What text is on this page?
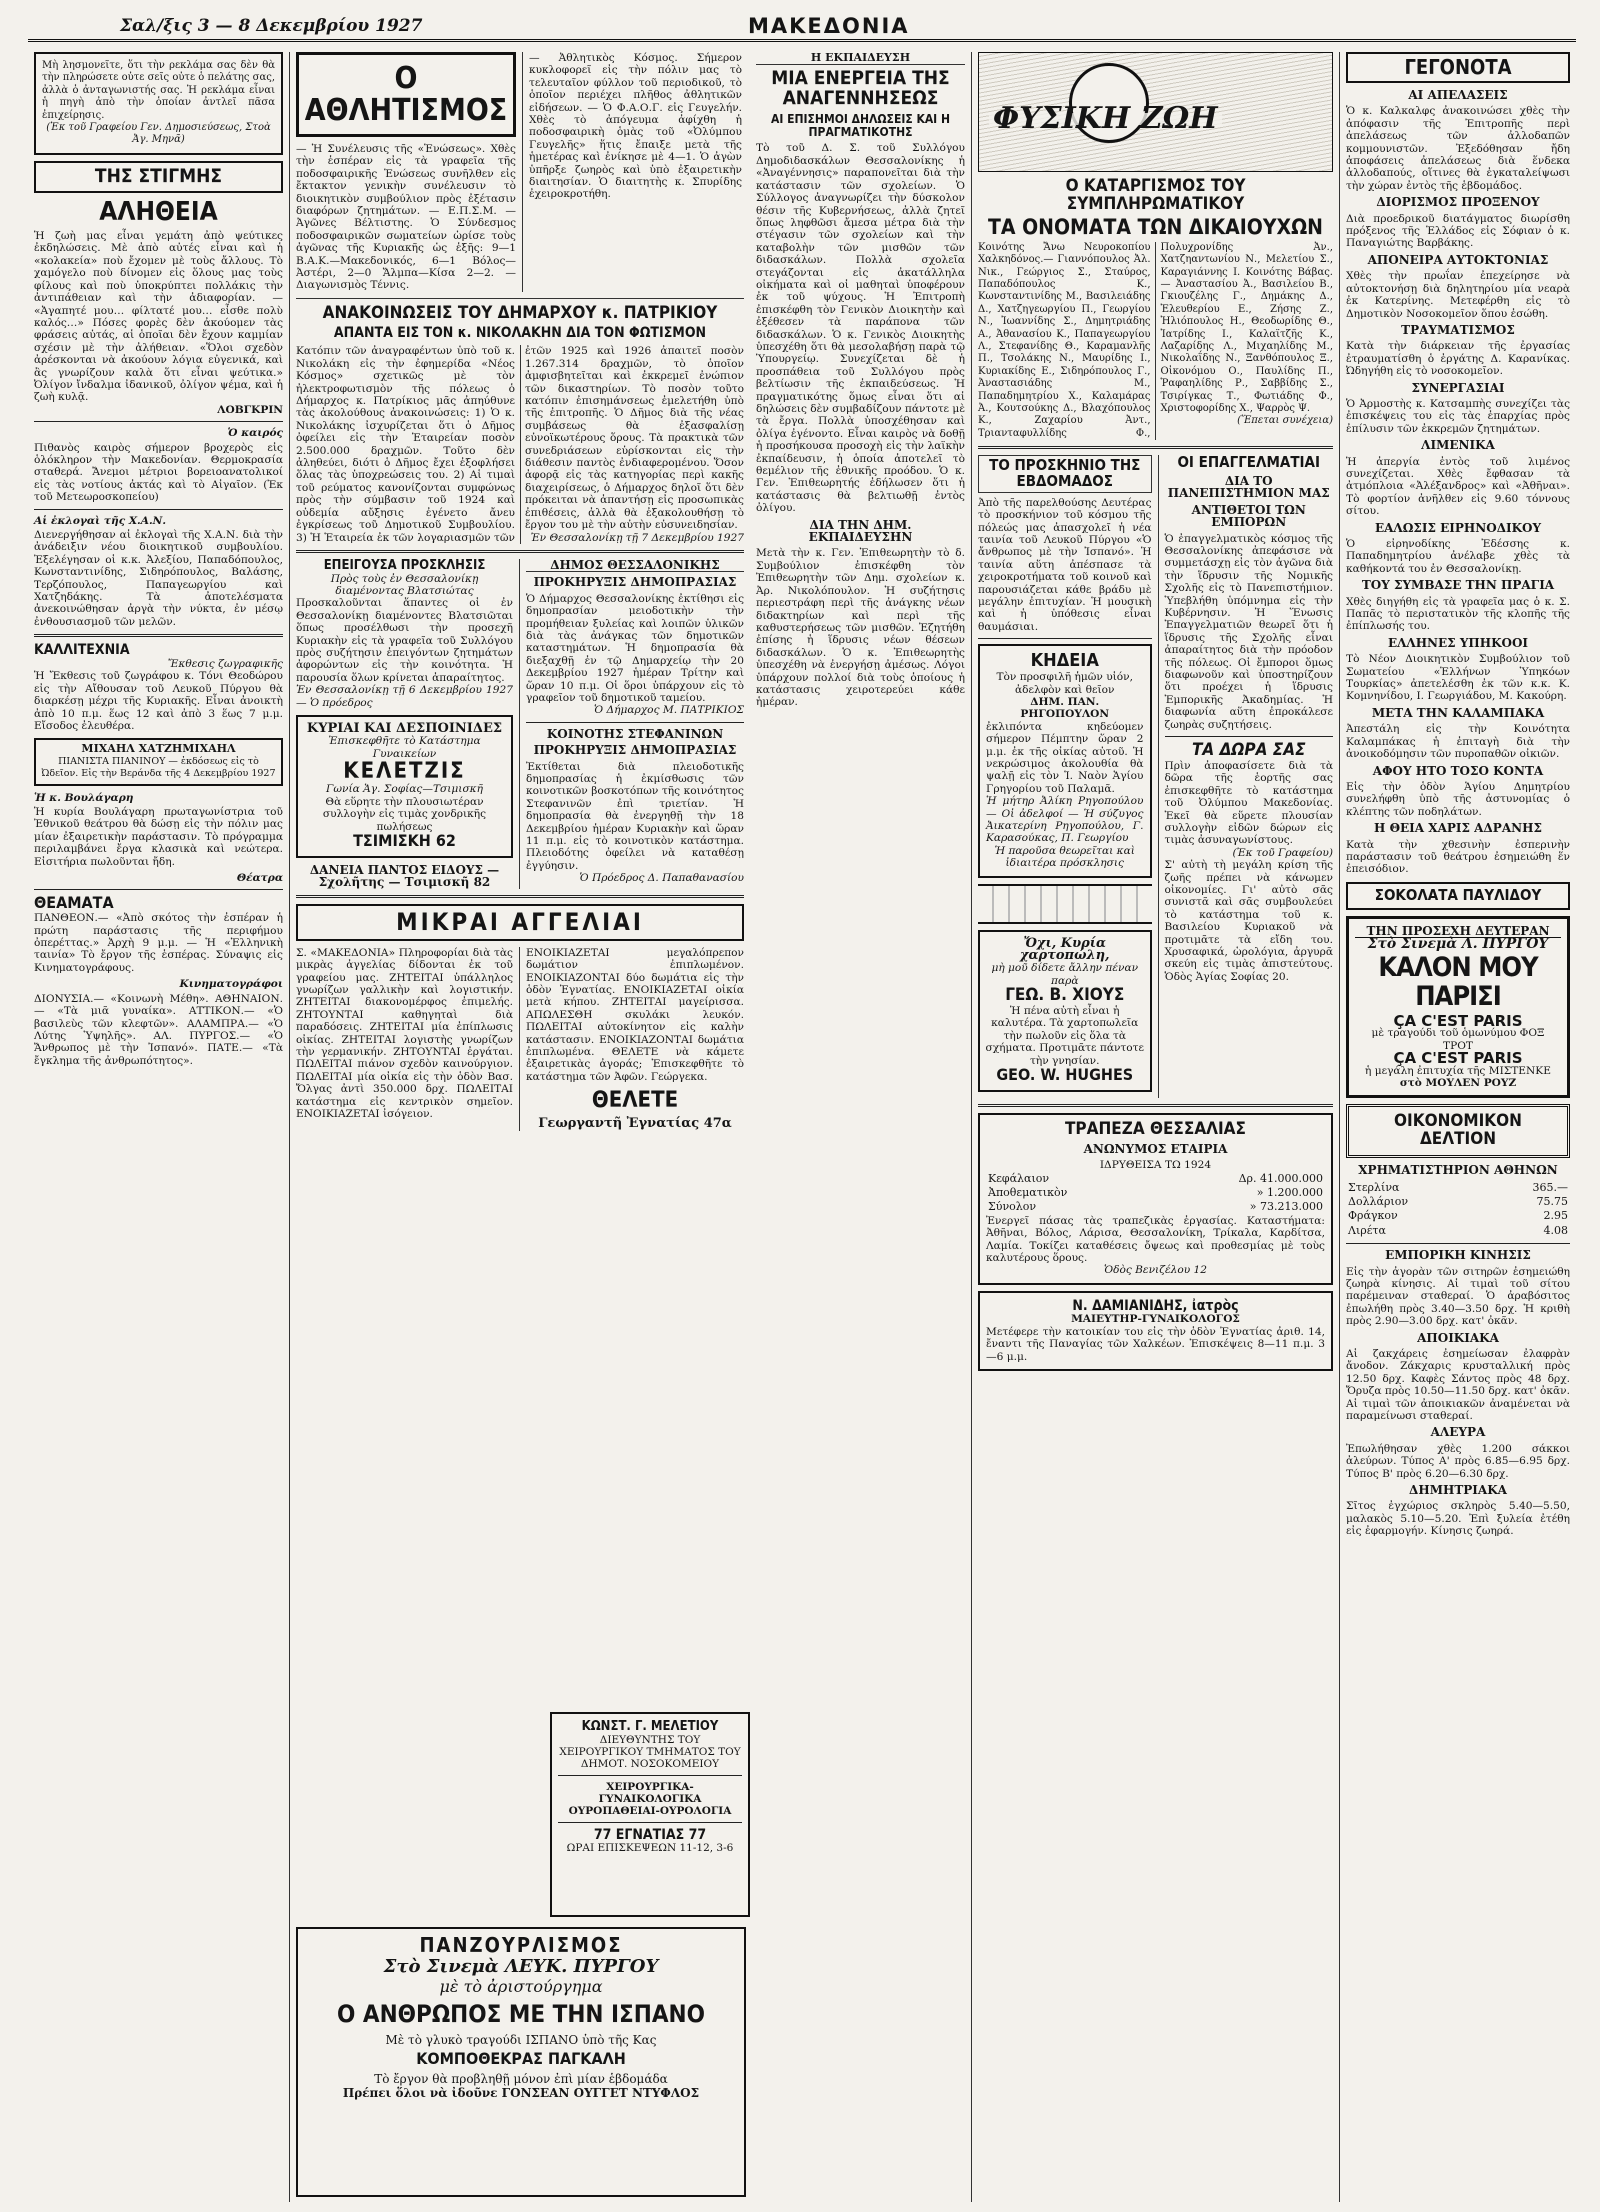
Σαλ/ξις 3 — 8 Δεκεμβρίου 1927	ΜΑΚΕΔΟΝΙΑ

Μὴ λησμονεῖτε, ὅτι τὴν ρεκλάμα σας δὲν θὰ τὴν πληρώσετε οὐτε σεῖς οὐτε ὁ πελάτης σας, ἀλλὰ ὁ ἀνταγωνιστής σας. Ἡ ρεκλάμα εἶναι ἡ πηγὴ ἀπὸ τὴν ὁποίαν ἀντλεῖ πᾶσα ἐπιχείρησις.

(Ἐκ τοῦ Γραφείου Γεν. Δημοσιεύσεως, Στοὰ Ἀγ. Μηνᾶ)

ΤΗΣ ΣΤΙΓΜΗΣ
ΑΛΗΘΕΙΑ

Ἡ ζωὴ μας εἶναι γεμάτη ἀπὸ ψεύτικες ἐκδηλώσεις. Μὲ ἀπὸ αὐτές εἶναι καὶ ἡ «κολακεία» ποὺ ἔχομεν μὲ τοὺς ἄλλους. Τὸ χαμόγελο ποὺ δίνομεν εἰς ὅλους μας τοὺς φίλους καὶ ποὺ ὑποκρύπτει πολλάκις τὴν ἀντιπάθειαν καὶ τὴν ἀδιαφορίαν. — «Ἀγαπητέ μου… φίλτατέ μου… εἶσθε πολὺ καλός…» Πόσες φορὲς δὲν ἀκούομεν τὰς φράσεις αὐτάς, αἱ ὁποῖαι δὲν ἔχουν καμμίαν σχέσιν μὲ τὴν ἀλήθειαν. «Ὅλοι σχεδὸν ἀρέσκονται νὰ ἀκούουν λόγια εὐγενικά, καὶ ἂς γνωρίζουν καλὰ ὅτι εἶναι ψεύτικα.» Ὀλίγον ἴνδαλμα ἰδανικοῦ, ὀλίγον ψέμα, καὶ ἡ ζωὴ κυλᾷ.

ΛΟΒΓΚΡΙΝ

Ὁ καιρός

Πιθανὸς καιρὸς σήμερον βροχερὸς εἰς ὁλόκληρον τὴν Μακεδονίαν. Θερμοκρασία σταθερά. Ἄνεμοι μέτριοι βορειοανατολικοί εἰς τὰς νοτίους ἀκτάς καὶ τὸ Αἰγαῖον. (Ἐκ τοῦ Μετεωροσκοπείου)

Αἱ ἐκλογαὶ τῆς Χ.Α.Ν.

Διενεργήθησαν αἱ ἐκλογαὶ τῆς Χ.Α.Ν. διὰ τὴν ἀνάδειξιν νέου διοικητικοῦ συμβουλίου. Ἐξελέγησαν οἱ κ.κ. Ἀλεξίου, Παπαδόπουλος, Κωνσταντινίδης, Σιδηρόπουλος, Βαλάσης, Τερζόπουλος, Παπαγεωργίου καὶ Χατζηδάκης. Τὰ ἀποτελέσματα ἀνεκοινώθησαν ἀργὰ τὴν νύκτα, ἐν μέσῳ ἐνθουσιασμοῦ τῶν μελῶν.

ΚΑΛΛΙΤΕΧΝΙΑ

Ἔκθεσις ζωγραφικῆς

Ἡ Ἔκθεσις τοῦ ζωγράφου κ. Τόνι Θεοδώρου εἰς τὴν Αἴθουσαν τοῦ Λευκοῦ Πύργου θὰ διαρκέσῃ μέχρι τῆς Κυριακῆς. Εἶναι ἀνοικτὴ ἀπὸ 10 π.μ. ἕως 12 καὶ ἀπὸ 3 ἕως 7 μ.μ. Εἴσοδος ἐλευθέρα.

ΜΙΧΑΗΛ ΧΑΤΖΗΜΙΧΑΗΛ

ΠΙΑΝΙΣΤΑ ΠΙΑΝΙΝΟΥ — ἐκδόσεως εἰς τὸ Ὠδεῖον. Εἰς τὴν Βεράνδα τῆς 4 Δεκεμβρίου 1927

Ἡ κ. Βουλάγαρη

Ἡ κυρία Βουλάγαρη πρωταγωνίστρια τοῦ Ἐθνικοῦ θεάτρου θὰ δώσῃ εἰς τὴν πόλιν μας μίαν ἐξαιρετικὴν παράστασιν. Τὸ πρόγραμμα περιλαμβάνει ἔργα κλασικὰ καὶ νεώτερα. Εἰσιτήρια πωλοῦνται ἤδη.

Θέατρα

ΘΕΑΜΑΤΑ

ΠΑΝΘΕΟΝ.— «Ἀπὸ σκότος τὴν ἐσπέραν ἡ πρώτη παράστασις τῆς περιφήμου ὀπερέττας.» Ἀρχὴ 9 μ.μ. — Ἡ «Ἑλληνικὴ ταινία» Τὸ ἔργον τῆς ἑσπέρας. Σύναψις εἰς Κινηματογράφους.

Κινηματογράφοι

ΔΙΟΝΥΣΙΑ.— «Κοινωνὴ Μέθη». ΑΘΗΝΑΙΟΝ.— «Τὰ μιᾶ γυναίκα». ΑΤΤΙΚΟΝ.— «Ὁ βασιλεὺς τῶν κλεφτῶν». ΑΛΑΜΠΡΑ.— «Ὁ Λύτης Ὑψηλῆς». ΑΛ. ΠΥΡΓΟΣ.— «Ὁ Ἄνθρωπος μὲ τὴν Ἰσπανό». ΠΑΤΕ.— «Τὰ ἔγκλημα τῆς ἀνθρωπότητος».

Ο ΑΘΛΗΤΙΣΜΟΣ

— Ἡ Συνέλευσις τῆς «Ἑνώσεως». Χθὲς τὴν ἑσπέραν εἰς τὰ γραφεῖα τῆς ποδοσφαιρικῆς Ἑνώσεως συνῆλθεν εἰς ἔκτακτον γενικὴν συνέλευσιν τὸ διοικητικὸν συμβούλιον πρὸς ἐξέτασιν διαφόρων ζητημάτων. — Ε.Π.Σ.Μ. — Ἀγῶνες Βέλτιστης. Ὁ Σύνδεσμος ποδοσφαιρικῶν σωματείων ὡρίσε τοὺς ἀγῶνας τῆς Κυριακῆς ὡς ἑξῆς: 9—1 Β.Α.Κ.—Μακεδονικός, 6—1 Βόλος—Ἀστέρι, 2—0 Ἄλμπα—Κίσα 2—2. — Διαγωνισμὸς Τέννις.

— Ἀθλητικὸς Κόσμος. Σήμερον κυκλοφορεῖ εἰς τὴν πόλιν μας τὸ τελευταῖον φύλλον τοῦ περιοδικοῦ, τὸ ὁποῖον περιέχει πλῆθος ἀθλητικῶν εἰδήσεων. — Ὁ Φ.Α.Ο.Γ. εἰς Γευγελήν. Χθὲς τὸ ἀπόγευμα ἀφίχθη ἡ ποδοσφαιρικὴ ὁμὰς τοῦ «Ὀλύμπου Γευγελῆς» ἥτις ἔπαιξε μετὰ τῆς ἡμετέρας καὶ ἐνίκησε μὲ 4—1. Ὁ ἀγὼν ὑπῆρξε ζωηρὸς καὶ ὑπὸ ἐξαιρετικὴν διαιτησίαν. Ὁ διαιτητὴς κ. Σπυρίδης ἐχειροκροτήθη.

ΑΝΑΚΟΙΝΩΣΕΙΣ ΤΟΥ ΔΗΜΑΡΧΟΥ κ. ΠΑΤΡΙΚΙΟΥ
ΑΠΑΝΤΑ ΕΙΣ ΤΟΝ κ. ΝΙΚΟΛΑΚΗΝ ΔΙΑ ΤΟΝ ΦΩΤΙΣΜΟΝ

Κατόπιν τῶν ἀναγραφέντων ὑπὸ τοῦ κ. Νικολάκη εἰς τὴν ἐφημερίδα «Νέος Κόσμος» σχετικῶς μὲ τὸν ἠλεκτροφωτισμὸν τῆς πόλεως ὁ Δήμαρχος κ. Πατρίκιος μᾶς ἀπηύθυνε τὰς ἀκολούθους ἀνακοινώσεις: 1) Ὁ κ. Νικολάκης ἰσχυρίζεται ὅτι ὁ Δῆμος ὀφείλει εἰς τὴν Ἑταιρείαν ποσὸν 2.500.000 δραχμῶν. Τοῦτο δὲν ἀληθεύει, διότι ὁ Δῆμος ἔχει ἐξοφλήσει ὅλας τὰς ὑποχρεώσεις του. 2) Αἱ τιμαὶ τοῦ ρεύματος κανονίζονται συμφώνως πρὸς τὴν σύμβασιν τοῦ 1924 καὶ οὐδεμία αὔξησις ἐγένετο ἄνευ ἐγκρίσεως τοῦ Δημοτικοῦ Συμβουλίου. 3) Ἡ Ἑταιρεία ἐκ τῶν λογαριασμῶν τῶν ἐτῶν 1925 καὶ 1926 ἀπαιτεῖ ποσὸν 1.267.314 δραχμῶν, τὸ ὁποῖον ἀμφισβητεῖται καὶ ἐκκρεμεῖ ἐνώπιον τῶν δικαστηρίων. Τὸ ποσὸν τοῦτο κατόπιν ἐπισημάνσεως ἐμελετήθη ὑπὸ τῆς ἐπιτροπῆς. Ὁ Δῆμος διὰ τῆς νέας συμβάσεως θὰ ἐξασφαλίσῃ εὐνοϊκωτέρους ὅρους. Τὰ πρακτικὰ τῶν συνεδριάσεων εὑρίσκονται εἰς τὴν διάθεσιν παντὸς ἐνδιαφερομένου. Ὅσον ἀφορᾷ εἰς τὰς κατηγορίας περὶ κακῆς διαχειρίσεως, ὁ Δήμαρχος δηλοῖ ὅτι δὲν πρόκειται νὰ ἀπαντήσῃ εἰς προσωπικὰς ἐπιθέσεις, ἀλλὰ θὰ ἐξακολουθήσῃ τὸ ἔργον του μὲ τὴν αὐτὴν εὐσυνειδησίαν.

Ἐν Θεσσαλονίκῃ τῇ 7 Δεκεμβρίου 1927

ΕΠΕΙΓΟΥΣΑ ΠΡΟΣΚΛΗΣΙΣ

Πρὸς τοὺς ἐν Θεσσαλονίκῃ διαμένοντας Βλατσιώτας

Προσκαλοῦνται ἅπαντες οἱ ἐν Θεσσαλονίκῃ διαμένοντες Βλατσιῶται ὅπως προσέλθωσι τὴν προσεχῆ Κυριακὴν εἰς τὰ γραφεῖα τοῦ Συλλόγου πρὸς συζήτησιν ἐπειγόντων ζητημάτων ἀφορώντων εἰς τὴν κοινότητα. Ἡ παρουσία ὅλων κρίνεται ἀπαραίτητος.

Ἐν Θεσσαλονίκῃ τῇ 6 Δεκεμβρίου 1927 — Ὁ πρόεδρος

ΚΥΡΙΑΙ ΚΑΙ ΔΕΣΠΟΙΝΙΔΕΣ

Ἐπισκεφθῆτε τὸ Κατάστημα Γυναικείων

ΚΕΛΕΤΖΙΣ

Γωνία Ἁγ. Σοφίας—Τσιμισκῆ

Θὰ εὕρητε τὴν πλουσιωτέραν συλλογὴν εἰς τιμὰς χονδρικῆς πωλήσεως

ΤΣΙΜΙΣΚΗ 62

ΔΑΝΕΙΑ ΠΑΝΤΟΣ ΕΙΔΟΥΣ — Σχολῆτης — Τσιμισκῆ 82

ΔΗΜΟΣ ΘΕΣΣΑΛΟΝΙΚΗΣ

ΠΡΟΚΗΡΥΞΙΣ ΔΗΜΟΠΡΑΣΙΑΣ

Ὁ Δήμαρχος Θεσσαλονίκης ἐκτίθησι εἰς δημοπρασίαν μειοδοτικὴν τὴν προμήθειαν ξυλείας καὶ λοιπῶν ὑλικῶν διὰ τὰς ἀνάγκας τῶν δημοτικῶν καταστημάτων. Ἡ δημοπρασία θὰ διεξαχθῇ ἐν τῷ Δημαρχείῳ τὴν 20 Δεκεμβρίου 1927 ἡμέραν Τρίτην καὶ ὥραν 10 π.μ. Οἱ ὅροι ὑπάρχουν εἰς τὸ γραφεῖον τοῦ δημοτικοῦ ταμείου.

Ὁ Δήμαρχος Μ. ΠΑΤΡΙΚΙΟΣ

ΚΟΙΝΟΤΗΣ ΣΤΕΦΑΝΙΝΩΝ

ΠΡΟΚΗΡΥΞΙΣ ΔΗΜΟΠΡΑΣΙΑΣ

Ἐκτίθεται διὰ πλειοδοτικῆς δημοπρασίας ἡ ἐκμίσθωσις τῶν κοινοτικῶν βοσκοτόπων τῆς κοινότητος Στεφανινῶν ἐπὶ τριετίαν. Ἡ δημοπρασία θὰ ἐνεργηθῇ τὴν 18 Δεκεμβρίου ἡμέραν Κυριακὴν καὶ ὥραν 11 π.μ. εἰς τὸ κοινοτικὸν κατάστημα. Πλειοδότης ὀφείλει νὰ καταθέσῃ ἐγγύησιν.

Ὁ Πρόεδρος Δ. Παπαθανασίου

ΜΙΚΡΑΙ ΑΓΓΕΛΙΑΙ

Σ. «ΜΑΚΕΔΟΝΙΑ» Πληροφορίαι διὰ τὰς μικρὰς ἀγγελίας δίδονται ἐκ τοῦ γραφείου μας. ΖΗΤΕΙΤΑΙ ὑπάλληλος γνωρίζων γαλλικὴν καὶ λογιστικήν. ΖΗΤΕΙΤΑΙ διακονομέρφος ἐπιμελής. ΖΗΤΟΥΝΤΑΙ καθηγηταὶ διὰ παραδόσεις. ΖΗΤΕΙΤΑΙ μία ἐπίπλωσις οἰκίας. ΖΗΤΕΙΤΑΙ λογιστὴς γνωρίζων τὴν γερμανικήν. ΖΗΤΟΥΝΤΑΙ ἐργάται. ΠΩΛΕΙΤΑΙ πιάνον σχεδὸν καινούργιον. ΠΩΛΕΙΤΑΙ μία οἰκία εἰς τὴν ὁδὸν Βασ. Ὄλγας ἀντὶ 350.000 δρχ. ΠΩΛΕΙΤΑΙ κατάστημα εἰς κεντρικὸν σημεῖον. ΕΝΟΙΚΙΑΖΕΤΑΙ ἰσόγειον.

ΕΝΟΙΚΙΑΖΕΤΑΙ μεγαλόπρεπον δωμάτιον ἐπιπλωμένον. ΕΝΟΙΚΙΑΖΟΝΤΑΙ δύο δωμάτια εἰς τὴν ὁδὸν Ἐγνατίας. ΕΝΟΙΚΙΑΖΕΤΑΙ οἰκία μετὰ κήπου. ΖΗΤΕΙΤΑΙ μαγείρισσα. ΑΠΩΛΕΣΘΗ σκυλάκι λευκόν. ΠΩΛΕΙΤΑΙ αὐτοκίνητον εἰς καλὴν κατάστασιν. ΕΝΟΙΚΙΑΖΟΝΤΑΙ δωμάτια ἐπιπλωμένα. ΘΕΛΕΤΕ νὰ κάμετε ἐξαιρετικὰς ἀγοράς; Ἐπισκεφθῆτε τὸ κατάστημα τῶν Ἀφῶν. Γεώργεκα.

ΘΕΛΕΤΕ

Γεωργαντῆ Ἐγνατίας 47α

Η ΕΚΠΑΙΔΕΥΣΗ

ΜΙΑ ΕΝΕΡΓΕΙΑ ΤΗΣ ΑΝΑΓΕΝΝΗΣΕΩΣ
ΑΙ ΕΠΙΣΗΜΟΙ ΔΗΛΩΣΕΙΣ ΚΑΙ Η ΠΡΑΓΜΑΤΙΚΟΤΗΣ

Τὸ τοῦ Δ. Σ. τοῦ Συλλόγου Δημοδιδασκάλων Θεσσαλονίκης ἡ «Ἀναγέννησις» παραπονεῖται διὰ τὴν κατάστασιν τῶν σχολείων. Ὁ Σύλλογος ἀναγνωρίζει τὴν δύσκολον θέσιν τῆς Κυβερνήσεως, ἀλλὰ ζητεῖ ὅπως ληφθῶσι ἄμεσα μέτρα διὰ τὴν στέγασιν τῶν σχολείων καὶ τὴν καταβολὴν τῶν μισθῶν τῶν διδασκάλων. Πολλὰ σχολεῖα στεγάζονται εἰς ἀκατάλληλα οἰκήματα καὶ οἱ μαθηταὶ ὑποφέρουν ἐκ τοῦ ψύχους. Ἡ Ἐπιτροπὴ ἐπισκέφθη τὸν Γενικὸν Διοικητὴν καὶ ἐξέθεσεν τὰ παράπονα τῶν διδασκάλων. Ὁ κ. Γενικὸς Διοικητὴς ὑπεσχέθη ὅτι θὰ μεσολαβήσῃ παρὰ τῷ Ὑπουργείῳ. Συνεχίζεται δὲ ἡ προσπάθεια τοῦ Συλλόγου πρὸς βελτίωσιν τῆς ἐκπαιδεύσεως. Ἡ πραγματικότης ὅμως εἶναι ὅτι αἱ δηλώσεις δὲν συμβαδίζουν πάντοτε μὲ τὰ ἔργα. Πολλὰ ὑποσχέθησαν καὶ ὀλίγα ἐγένοντο. Εἶναι καιρὸς νὰ δοθῇ ἡ προσήκουσα προσοχὴ εἰς τὴν λαϊκὴν ἐκπαίδευσιν, ἡ ὁποία ἀποτελεῖ τὸ θεμέλιον τῆς ἐθνικῆς προόδου. Ὁ κ. Γεν. Ἐπιθεωρητής ἐδήλωσεν ὅτι ἡ κατάστασις θὰ βελτιωθῇ ἐντὸς ὀλίγου.

ΔΙΑ ΤΗΝ ΔΗΜ. ΕΚΠΑΙΔΕΥΣΗΝ

Μετὰ τὴν κ. Γεν. Ἐπιθεωρητὴν τὸ δ. Συμβούλιον ἐπισκέφθη τὸν Ἐπιθεωρητὴν τῶν Δημ. σχολείων κ. Ἀρ. Νικολόπουλον. Ἡ συζήτησις περιεστράφη περὶ τῆς ἀνάγκης νέων διδακτηρίων καὶ περὶ τῆς καθυστερήσεως τῶν μισθῶν. Ἐζητήθη ἐπίσης ἡ ἵδρυσις νέων θέσεων διδασκάλων. Ὁ κ. Ἐπιθεωρητὴς ὑπεσχέθη νὰ ἐνεργήσῃ ἀμέσως. Λόγοι ὑπάρχουν πολλοί διὰ τοὺς ὁποίους ἡ κατάστασις χειροτερεύει κάθε ἡμέραν.

ΦΥΣΙΚΗ ΖΩΗ
Ο ΚΑΤΑΡΓΙΣΜΟΣ ΤΟΥ ΣΥΜΠΛΗΡΩΜΑΤΙΚΟΥ
ΤΑ ΟΝΟΜΑΤΑ ΤΩΝ ΔΙΚΑΙΟΥΧΩΝ

Κοινότης Ἄνω Νευροκοπίου Χαλκηδόνος.— Γιαννόπουλος Ἀλ. Νικ., Γεώργιος Σ., Σταύρος, Παπαδόπουλος Κ., Κωνσταντινίδης Μ., Βασιλειάδης Δ., Χατζηγεωργίου Π., Γεωργίου Ν., Ἰωαννίδης Σ., Δημητριάδης Α., Ἀθανασίου Κ., Παπαγεωργίου Λ., Στεφανίδης Θ., Καραμανλῆς Π., Τσολάκης Ν., Μαυρίδης Ι., Κυριακίδης Ε., Σιδηρόπουλος Γ., Ἀναστασιάδης Μ., Παπαδημητρίου Χ., Καλαμάρας Ἀ., Κουτσούκης Δ., Βλαχόπουλος Κ., Ζαχαρίου Ἀντ., Τριανταφυλλίδης Φ., Πολυχρονίδης Ἀν., Χατζηαντωνίου Ν., Μελετίου Σ., Καραγιάννης Ι. Κοινότης Βάβας.— Ἀναστασίου Ἀ., Βασιλείου Β., Γκιουζέλης Γ., Δημάκης Δ., Ἐλευθερίου Ε., Ζήσης Ζ., Ἠλιόπουλος Η., Θεοδωρίδης Θ., Ἰατρίδης Ι., Καλαϊτζῆς Κ., Λαζαρίδης Λ., Μιχαηλίδης Μ., Νικολαΐδης Ν., Ξανθόπουλος Ξ., Οἰκονόμου Ο., Παυλίδης Π., Ῥαφαηλίδης Ρ., Σαββίδης Σ., Τσιρίγκας Τ., Φωτιάδης Φ., Χριστοφορίδης Χ., Ψαρρὸς Ψ.

(Ἕπεται συνέχεια)

ΤΟ ΠΡΟΣΚΗΝΙΟ ΤΗΣ ΕΒΔΟΜΑΔΟΣ

Ἀπὸ τῆς παρελθούσης Δευτέρας τὸ προσκήνιον τοῦ κόσμου τῆς πόλεώς μας ἀπασχολεῖ ἡ νέα ταινία τοῦ Λευκοῦ Πύργου «Ὁ ἄνθρωπος μὲ τὴν Ἰσπανό». Ἡ ταινία αὕτη ἀπέσπασε τὰ χειροκροτήματα τοῦ κοινοῦ καὶ παρουσιάζεται κάθε βράδυ μὲ μεγάλην ἐπιτυχίαν. Ἡ μουσικὴ καὶ ἡ ὑπόθεσις εἶναι θαυμάσιαι.

ΚΗΔΕΙΑ

Τὸν προσφιλῆ ἡμῶν υἱόν, ἀδελφὸν καὶ θεῖον

ΔΗΜ. ΠΑΝ. ΡΗΓΟΠΟΥΛΟΝ

ἐκλιπόντα κηδεύομεν σήμερον Πέμπτην ὥραν 2 μ.μ. ἐκ τῆς οἰκίας αὐτοῦ. Ἡ νεκρώσιμος ἀκολουθία θὰ ψαλῇ εἰς τὸν Ἱ. Ναὸν Ἁγίου Γρηγορίου τοῦ Παλαμᾶ.

Ἡ μήτηρ Ἀλίκη Ρηγοπούλου — Οἱ ἀδελφοί — Ἡ σύζυγος Ἀικατερίνη Ρηγοπούλου, Γ. Καρασούκας, Π. Γεωργίου

Ἡ παροῦσα θεωρεῖται καὶ ἰδιαιτέρα πρόσκλησις

Ὄχι, Κυρία χαρτοπώλη,

μὴ μοῦ δίδετε ἄλλην πέναν παρὰ

ΓΕΩ. Β. ΧΙΟΥΣ

Ἡ πένα αὐτὴ εἶναι ἡ καλυτέρα. Τὰ χαρτοπωλεῖα τὴν πωλοῦν εἰς ὅλα τὰ σχήματα. Προτιμᾶτε πάντοτε τὴν γνησίαν.

GEO. W. HUGHES

ΟΙ ΕΠΑΓΓΕΛΜΑΤΙΑΙ

ΔΙΑ ΤΟ ΠΑΝΕΠΙΣΤΗΜΙΟΝ ΜΑΣ

ΑΝΤΙΘΕΤΟΙ ΤΩΝ ΕΜΠΟΡΩΝ

Ὁ ἐπαγγελματικὸς κόσμος τῆς Θεσσαλονίκης ἀπεφάσισε νὰ συμμετάσχῃ εἰς τὸν ἀγῶνα διὰ τὴν ἵδρυσιν τῆς Νομικῆς Σχολῆς εἰς τὸ Πανεπιστήμιον. Ὑπεβλήθη ὑπόμνημα εἰς τὴν Κυβέρνησιν. Ἡ Ἕνωσις Ἐπαγγελματιῶν θεωρεῖ ὅτι ἡ ἵδρυσις τῆς Σχολῆς εἶναι ἀπαραίτητος διὰ τὴν πρόοδον τῆς πόλεως. Οἱ ἔμποροι ὅμως διαφωνοῦν καὶ ὑποστηρίζουν ὅτι προέχει ἡ ἵδρυσις Ἐμπορικῆς Ἀκαδημίας. Ἡ διαφωνία αὕτη ἐπροκάλεσε ζωηρὰς συζητήσεις.

ΤΑ ΔΩΡΑ ΣΑΣ

Πρὶν ἀποφασίσετε διὰ τὰ δῶρα τῆς ἑορτῆς σας ἐπισκεφθῆτε τὸ κατάστημα τοῦ Ὀλύμπου Μακεδονίας. Ἐκεῖ θὰ εὕρετε πλουσίαν συλλογὴν εἰδῶν δώρων εἰς τιμὰς ἀσυναγωνίστους.

(Ἐκ τοῦ Γραφείου)

Σ' αὐτὴ τὴ μεγάλη κρίση τῆς ζωῆς πρέπει νὰ κάνωμεν οἰκονομίες. Γι' αὐτὸ σᾶς συνιστᾶ καὶ σᾶς συμβουλεύει τὸ κατάστημα τοῦ κ. Βασιλείου Κυριακοῦ νὰ προτιμᾶτε τὰ εἴδη του. Χρυσαφικά, ὡρολόγια, ἀργυρᾶ σκεύη εἰς τιμὰς ἀπιστεύτους. Ὁδὸς Ἁγίας Σοφίας 20.

ΤΡΑΠΕΖΑ ΘΕΣΣΑΛΙΑΣ

ΑΝΩΝΥΜΟΣ ΕΤΑΙΡΙΑ

ΙΔΡΥΘΕΙΣΑ ΤΩ 1924

Κεφάλαιον	Δρ. 41.000.000
Ἀποθεματικὸν	» 1.200.000
Σύνολον	» 73.213.000

Ἐνεργεῖ πάσας τὰς τραπεζικὰς ἐργασίας. Καταστήματα: Ἀθῆναι, Βόλος, Λάρισα, Θεσσαλονίκη, Τρίκαλα, Καρδίτσα, Λαμία. Τοκίζει καταθέσεις ὄψεως καὶ προθεσμίας μὲ τοὺς καλυτέρους ὅρους.

Ὁδὸς Βενιζέλου 12

Ν. ΔΑΜΙΑΝΙΔΗΣ, ἰατρὸς

ΜΑΙΕΥΤΗΡ-ΓΥΝΑΙΚΟΛΟΓΟΣ

Μετέφερε τὴν κατοικίαν του εἰς τὴν ὁδὸν Ἐγνατίας ἀριθ. 14, ἔναντι τῆς Παναγίας τῶν Χαλκέων. Ἐπισκέψεις 8—11 π.μ. 3—6 μ.μ.

ΓΕΓΟΝΟΤΑ

ΑΙ ΑΠΕΛΑΣΕΙΣ

Ὁ κ. Καλκαλφς ἀνακοινώσει χθὲς τὴν ἀπόφασιν τῆς Ἐπιτροπῆς περὶ ἀπελάσεως τῶν ἀλλοδαπῶν κομμουνιστῶν. Ἐξεδόθησαν ἤδη ἀποφάσεις ἀπελάσεως διὰ ἕνδεκα ἀλλοδαπούς, οἵτινες θὰ ἐγκαταλείψωσι τὴν χώραν ἐντὸς τῆς ἑβδομάδος.

ΔΙΟΡΙΣΜΟΣ ΠΡΟΞΕΝΟΥ

Διὰ προεδρικοῦ διατάγματος διωρίσθη πρόξενος τῆς Ἑλλάδος εἰς Σόφιαν ὁ κ. Παναγιώτης Βαρβάκης.

ΑΠΟΝΕΙΡΑ ΑΥΤΟΚΤΟΝΙΑΣ

Χθὲς τὴν πρωΐαν ἐπεχείρησε νὰ αὐτοκτονήσῃ διὰ δηλητηρίου μία νεαρὰ ἐκ Κατερίνης. Μετεφέρθη εἰς τὸ Δημοτικὸν Νοσοκομεῖον ὅπου ἐσώθη.

ΤΡΑΥΜΑΤΙΣΜΟΣ

Κατὰ τὴν διάρκειαν τῆς ἐργασίας ἐτραυματίσθη ὁ ἐργάτης Δ. Καρανίκας. Ὠδηγήθη εἰς τὸ νοσοκομεῖον.

ΣΥΝΕΡΓΑΣΙΑΙ

Ὁ Ἀρμοστὴς κ. Κατσαμπὴς συνεχίζει τὰς ἐπισκέψεις του εἰς τὰς ἐπαρχίας πρὸς ἐπίλυσιν τῶν ἐκκρεμῶν ζητημάτων.

ΛΙΜΕΝΙΚΑ

Ἡ ἀπεργία ἐντὸς τοῦ λιμένος συνεχίζεται. Χθὲς ἔφθασαν τὰ ἀτμόπλοια «Ἀλέξανδρος» καὶ «Ἀθῆναι». Τὸ φορτίον ἀνῆλθεν εἰς 9.60 τόννους σίτου.

ΕΑΛΩΣΙΣ ΕΙΡΗΝΟΔΙΚΟΥ

Ὁ εἰρηνοδίκης Ἐδέσσης κ. Παπαδημητρίου ἀνέλαβε χθὲς τὰ καθήκοντά του ἐν Θεσσαλονίκῃ.

ΤΟΥ ΣΥΜΒΑΣΕ ΤΗΝ ΠΡΑΓΙΑ

Χθὲς διηγήθη εἰς τὰ γραφεῖα μας ὁ κ. Σ. Παπᾶς τὸ περιστατικὸν τῆς κλοπῆς τῆς ἐπίπλωσής του.

ΕΛΛΗΝΕΣ ΥΠΗΚΟΟΙ

Τὸ Νέον Διοικητικὸν Συμβούλιον τοῦ Σωματείου «Ἑλλήνων Ὑπηκόων Τουρκίας» ἀπετελέσθη ἐκ τῶν κ.κ. Κ. Κομνηνίδου, Ι. Γεωργιάδου, Μ. Κακούρη.

ΜΕΤΑ ΤΗΝ ΚΑΛΑΜΠΑΚΑ

Ἀπεστάλη εἰς τὴν Κοινότητα Καλαμπάκας ἡ ἐπιταγὴ διὰ τὴν ἀνοικοδόμησιν τῶν πυροπαθῶν οἰκιῶν.

ΑΦΟΥ ΗΤΟ ΤΟΣΟ ΚΟΝΤΑ

Εἰς τὴν ὁδὸν Ἁγίου Δημητρίου συνελήφθη ὑπὸ τῆς ἀστυνομίας ὁ κλέπτης τῶν ποδηλάτων.

Η ΘΕΙΑ ΧΑΡΙΣ ΑΔΡΑΝΗΣ

Κατὰ τὴν χθεσινὴν ἐσπερινὴν παράστασιν τοῦ θεάτρου ἐσημειώθη ἕν ἐπεισόδιον.

ΣΟΚΟΛΑΤΑ ΠΑΥΛΙΔΟΥ

ΤΗΝ ΠΡΟΣΕΧΗ ΔΕΥΤΕΡΑΝ

Στὸ Σινεμὰ Λ. ΠΥΡΓΟΥ

ΚΑΛΟΝ ΜΟΥ ΠΑΡΙΣΙ

ÇA C'EST PARIS

μὲ τραγούδι τοῦ ὁμωνύμου ΦΟΞ ΤΡΟΤ

ÇA C'EST PARIS

ἡ μεγάλη ἐπιτυχία τῆς ΜΙΣΤΕΝΚΕ

στὸ ΜΟΥΛΕΝ ΡΟΥΖ

ΟΙΚΟΝΟΜΙΚΟΝ ΔΕΛΤΙΟΝ

ΧΡΗΜΑΤΙΣΤΗΡΙΟΝ ΑΘΗΝΩΝ

Στερλίνα	365.—
Δολλάριον	75.75
Φράγκον	2.95
Λιρέτα	4.08

ΕΜΠΟΡΙΚΗ ΚΙΝΗΣΙΣ

Εἰς τὴν ἀγορὰν τῶν σιτηρῶν ἐσημειώθη ζωηρὰ κίνησις. Αἱ τιμαὶ τοῦ σίτου παρέμειναν σταθεραί. Ὁ ἀραβόσιτος ἐπωλήθη πρὸς 3.40—3.50 δρχ. Ἡ κριθὴ πρὸς 2.90—3.00 δρχ. κατ' ὀκᾶν.

ΑΠΟΙΚΙΑΚΑ

Αἱ ζακχάρεις ἐσημείωσαν ἐλαφρὰν ἄνοδον. Ζάκχαρις κρυσταλλική πρὸς 12.50 δρχ. Καφὲς Σάντος πρὸς 48 δρχ. Ὄρυζα πρὸς 10.50—11.50 δρχ. κατ' ὀκᾶν. Αἱ τιμαὶ τῶν ἀποικιακῶν ἀναμένεται νὰ παραμείνωσι σταθεραί.

ΑΛΕΥΡΑ

Ἐπωλήθησαν χθὲς 1.200 σάκκοι ἀλεύρων. Τύπος Α' πρὸς 6.85—6.95 δρχ. Τύπος Β' πρὸς 6.20—6.30 δρχ.

ΔΗΜΗΤΡΙΑΚΑ

Σῖτος ἐγχώριος σκληρὸς 5.40—5.50, μαλακὸς 5.10—5.20. Ἐπὶ ξυλεία ἐτέθη εἰς ἐφαρμογήν. Κίνησις ζωηρά.

ΠΑΝΖΟΥΡΛΙΣΜΟΣ

Στὸ Σινεμὰ ΛΕΥΚ. ΠΥΡΓΟΥ

μὲ τὸ ἀριστούργημα

Ο ΑΝΘΡΩΠΟΣ ΜΕ ΤΗΝ ΙΣΠΑΝΟ

Μὲ τὸ γλυκὸ τραγούδι ΙΣΠΑΝΟ ὑπὸ τῆς Κας

ΚΟΜΠΟΘΕΚΡΑΣ ΠΑΓΚΑΛΗ

Τὸ ἔργον θὰ προβληθῇ μόνον ἐπὶ μίαν ἑβδομάδα

Πρέπει ὅλοι νὰ ἰδοῦνε ΓΟΝΣΕΑΝ ΟΥΓΓΕΤ ΝΤΥΦΛΟΣ

ΚΩΝΣΤ. Γ. ΜΕΛΕΤΙΟΥ

ΔΙΕΥΘΥΝΤΗΣ ΤΟΥ ΧΕΙΡΟΥΡΓΙΚΟΥ ΤΜΗΜΑΤΟΣ ΤΟΥ ΔΗΜΟΤ. ΝΟΣΟΚΟΜΕΙΟΥ

ΧΕΙΡΟΥΡΓΙΚΑ-ΓΥΝΑΙΚΟΛΟΓΙΚΑ

ΟΥΡΟΠΑΘΕΙΑΙ-ΟΥΡΟΛΟΓΙΑ

77 ΕΓΝΑΤΙΑΣ 77

ΩΡΑΙ ΕΠΙΣΚΕΨΕΩΝ 11-12, 3-6
